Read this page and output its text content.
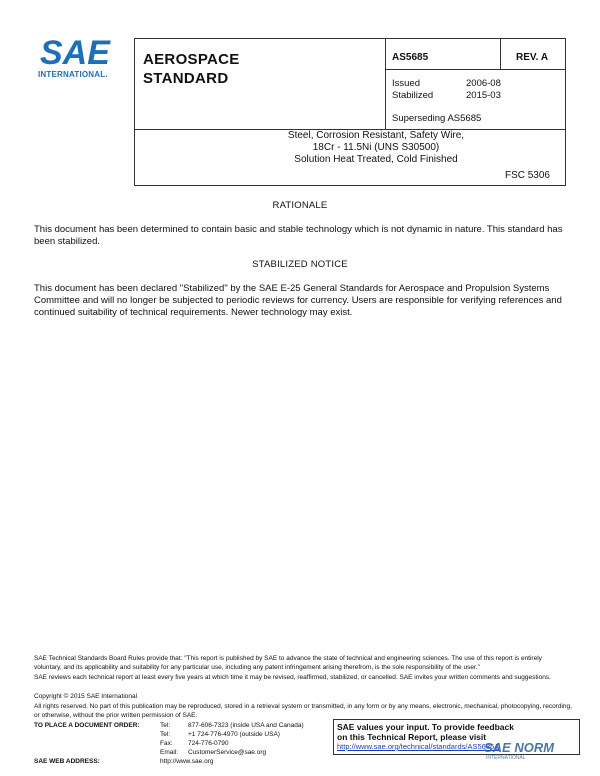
SAE
INTERNATIONAL.
AEROSPACE
STANDARD
AS5685	REV. A
Issued	2006-08
Stabilized	2015-03
Superseding AS5685
Steel, Corrosion Resistant, Safety Wire,
18Cr - 11.5Ni (UNS S30500)
Solution Heat Treated, Cold Finished
FSC 5306
RATIONALE
This document has been determined to contain basic and stable technology which is not dynamic in nature. This standard has been stabilized.
STABILIZED NOTICE
This document has been declared "Stabilized" by the SAE E-25 General Standards for Aerospace and Propulsion Systems Committee and will no longer be subjected to periodic reviews for currency. Users are responsible for verifying references and continued suitability of technical requirements. Newer technology may exist.
SAE Technical Standards Board Rules provide that: "This report is published by SAE to advance the state of technical and engineering sciences. The use of this report is entirely voluntary, and its applicability and suitability for any particular use, including any patent infringement arising therefrom, is the sole responsibility of the user."
SAE reviews each technical report at least every five years at which time it may be revised, reaffirmed, stabilized, or cancelled. SAE invites your written comments and suggestions.
Copyright © 2015 SAE International
All rights reserved. No part of this publication may be reproduced, stored in a retrieval system or transmitted, in any form or by any means, electronic, mechanical, photocopying, recording, or otherwise, without the prior written permission of SAE.
TO PLACE A DOCUMENT ORDER:	Tel:	877-606-7323 (inside USA and Canada)
Tel:	+1 724-776-4970 (outside USA)
Fax: 724-776-0790
Email: CustomerService@sae.org
SAE WEB ADDRESS:	http://www.sae.org
SAE values your input. To provide feedback
on this Technical Report, please visit
http://www.sae.org/technical/standards/AS5685A
SAE NORM
INTERNATIONAL
